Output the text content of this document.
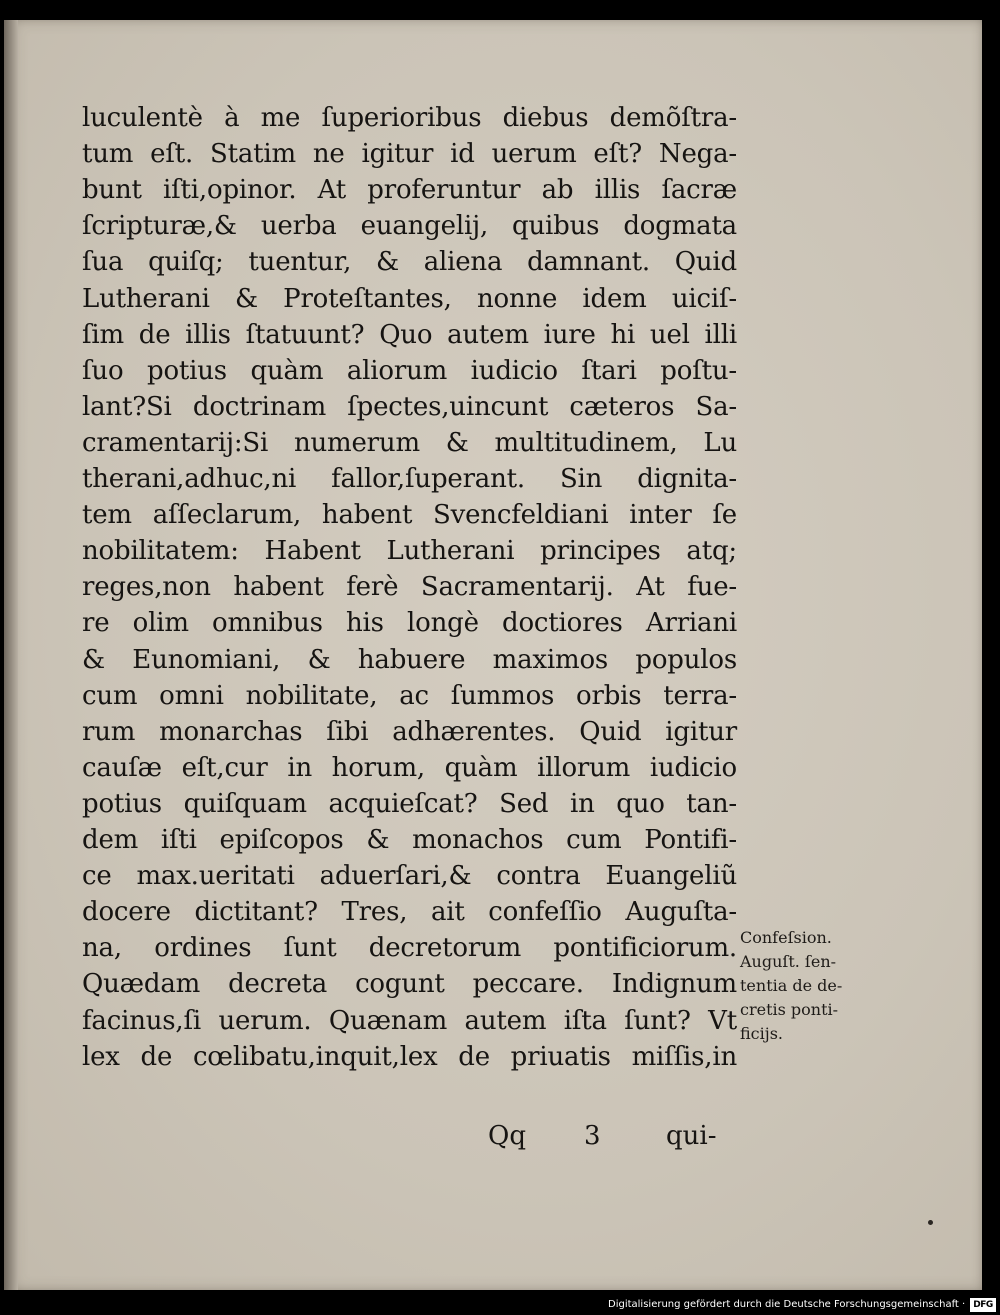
luculentè à me ſuperioribus diebus demõſtra-
tum eſt. Statim ne igitur id uerum eſt? Nega-
bunt iſti,opinor. At proferuntur ab illis ſacræ
ſcripturæ,& uerba euangelij, quibus dogmata
ſua quiſq; tuentur, & aliena damnant. Quid
Lutherani & Proteſtantes, nonne idem uiciſ-
ſim de illis ſtatuunt? Quo autem iure hi uel illi
ſuo potius quàm aliorum iudicio ſtari poſtu-
lant?Si doctrinam ſpectes,uincunt cæteros Sa-
cramentarij:Si numerum & multitudinem, Lu
therani,adhuc,ni fallor,ſuperant. Sin dignita-
tem aſſeclarum, habent Svencfeldiani inter ſe
nobilitatem: Habent Lutherani principes atq;
reges,non habent ferè Sacramentarij. At fue-
re olim omnibus his longè doctiores Arriani
& Eunomiani, & habuere maximos populos
cum omni nobilitate, ac ſummos orbis terra-
rum monarchas ſibi adhærentes. Quid igitur
cauſæ eſt,cur in horum, quàm illorum iudicio
potius quiſquam acquieſcat? Sed in quo tan-
dem iſti epiſcopos & monachos cum Pontifi-
ce max.ueritati aduerſari,& contra Euangeliũ
docere dictitant? Tres, ait confeſſio Auguſta-
na, ordines ſunt decretorum pontificiorum.
Quædam decreta cogunt peccare. Indignum
facinus,ſi uerum. Quænam autem iſta ſunt? Vt
lex de cœlibatu,inquit,lex de priuatis miſſis,in
Confeſsion.
Auguſt. ſen-
tentia de de-
cretis ponti-
ficijs.
Qq 3	qui-
Digitalisierung gefördert durch die Deutsche Forschungsgemeinschaft · DFG
